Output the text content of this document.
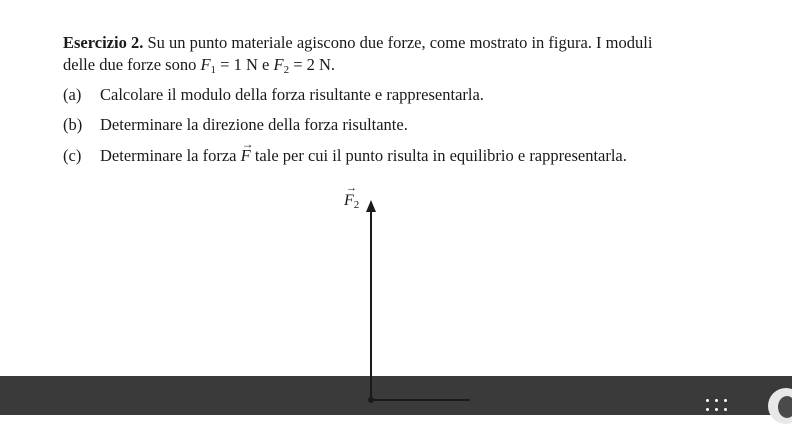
Esercizio 2. Su un punto materiale agiscono due forze, come mostrato in figura. I moduli
delle due forze sono $F_1 = 1$ N e $F_2 = 2$ N.
(a) Calcolare il modulo della forza risultante e rappresentarla.
(b) Determinare la direzione della forza risultante.
(c) Determinare la forza
→
F tale per cui il punto risulta in equilibrio e rappresentarla.
→
$F_2$
